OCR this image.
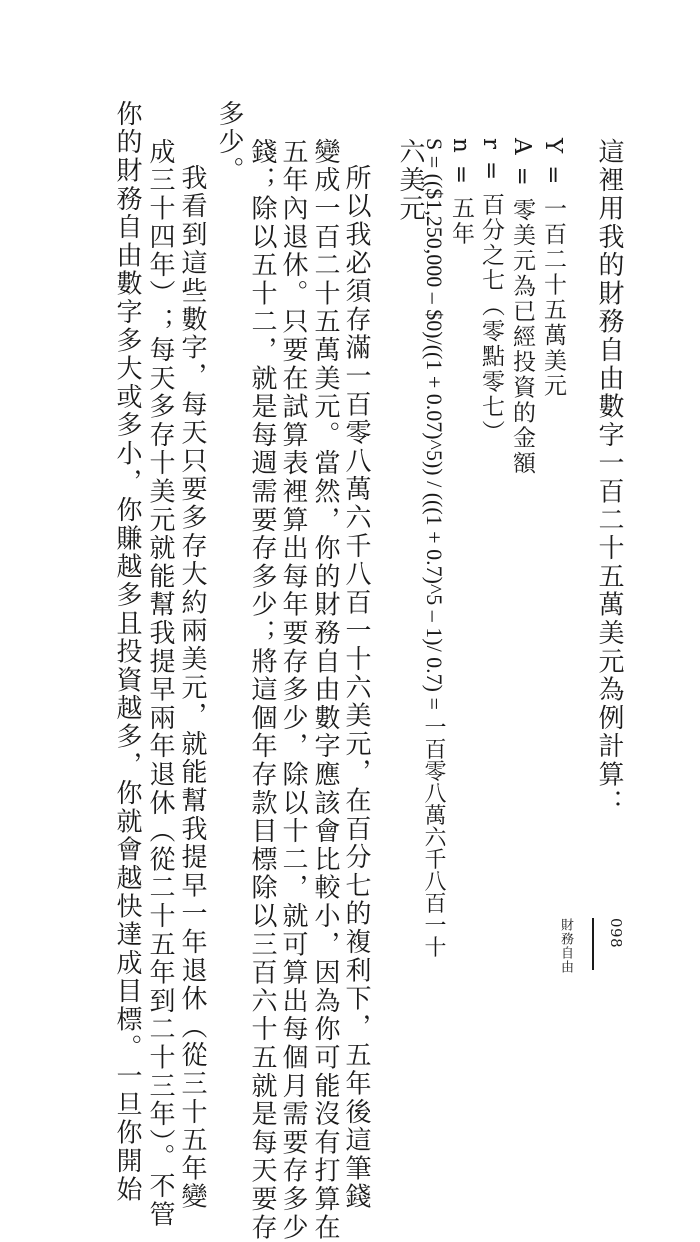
這裡用我的財務自由數字一百二十五萬美元為例計算：
六美元
S = (($1,250,000 – $0)/((1 + 0.07)^5)) / (((1 + 0.7)^5 – 1)/ 0.7) = 一百零八萬六千八百一十 n = 五年 r = 百分之七（零點零七） A = 零美元為已經投資的金額 Y = 一百二十五萬美元
所以我必須存滿一百零八萬六千八百一十六美元，在百分七的複利下，五年後這筆錢
變成一百二十五萬美元。當然，你的財務自由數字應該會比較小，因為你可能沒有打算在
五年內退休。只要在試算表裡算出每年要存多少，除以十二，就可算出每個月需要存多少
錢；除以五十二，就是每週需要存多少；將這個年存款目標除以三百六十五就是每天要存
多少。
我看到這些數字，每天只要多存大約兩美元，就能幫我提早一年退休（從三十五年變
成三十四年）；每天多存十美元就能幫我提早兩年退休（從二十五年到二十三年）。不管
你的財務自由數字多大或多小，你賺越多且投資越多，你就會越快達成目標。一旦你開始	財務自由 098
